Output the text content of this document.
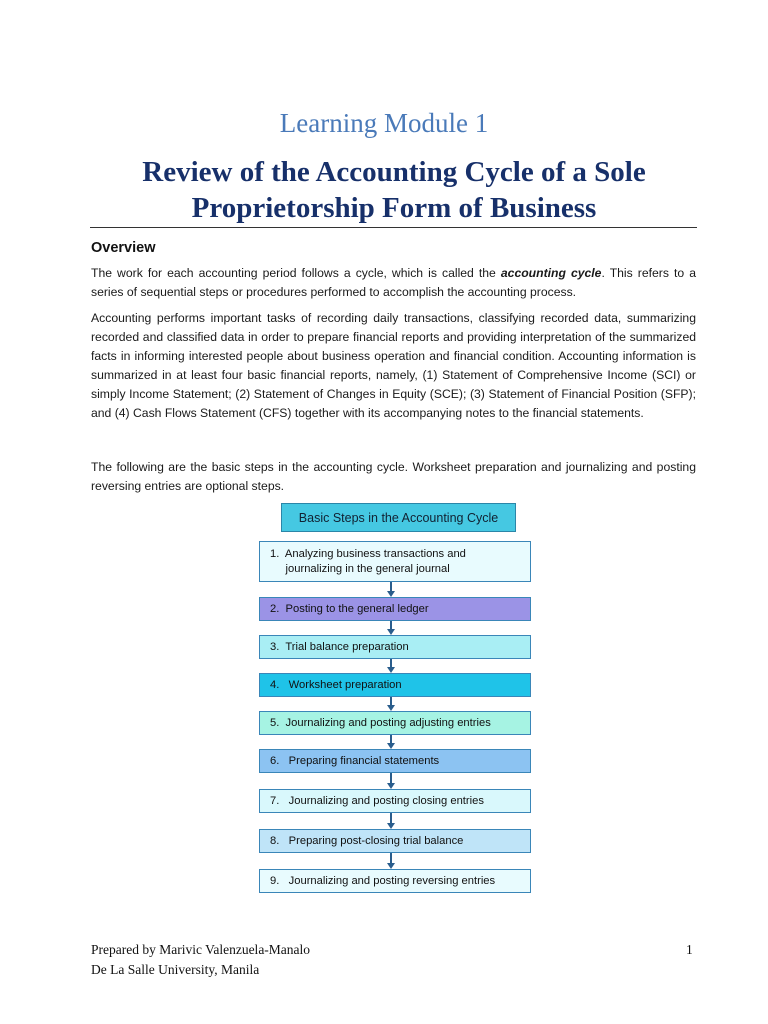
Learning Module 1
Review of the Accounting Cycle of a Sole
Proprietorship Form of Business
Overview
The work for each accounting period follows a cycle, which is called the accounting cycle. This refers to a series of sequential steps or procedures performed to accomplish the accounting process.
Accounting performs important tasks of recording daily transactions, classifying recorded data, summarizing recorded and classified data in order to prepare financial reports and providing interpretation of the summarized facts in informing interested people about business operation and financial condition. Accounting information is summarized in at least four basic financial reports, namely, (1) Statement of Comprehensive Income (SCI) or simply Income Statement; (2) Statement of Changes in Equity (SCE); (3) Statement of Financial Position (SFP); and (4) Cash Flows Statement (CFS) together with its accompanying notes to the financial statements.
The following are the basic steps in the accounting cycle. Worksheet preparation and journalizing and posting reversing entries are optional steps.
Basic Steps in the Accounting Cycle
1.  Analyzing business transactions and
journalizing in the general journal
2.  Posting to the general ledger
3.  Trial balance preparation
4.   Worksheet preparation
5.  Journalizing and posting adjusting entries
6.   Preparing financial statements
7.   Journalizing and posting closing entries
8.   Preparing post-closing trial balance
9.   Journalizing and posting reversing entries
Prepared by Marivic Valenzuela-Manalo
De La Salle University, Manila
1
